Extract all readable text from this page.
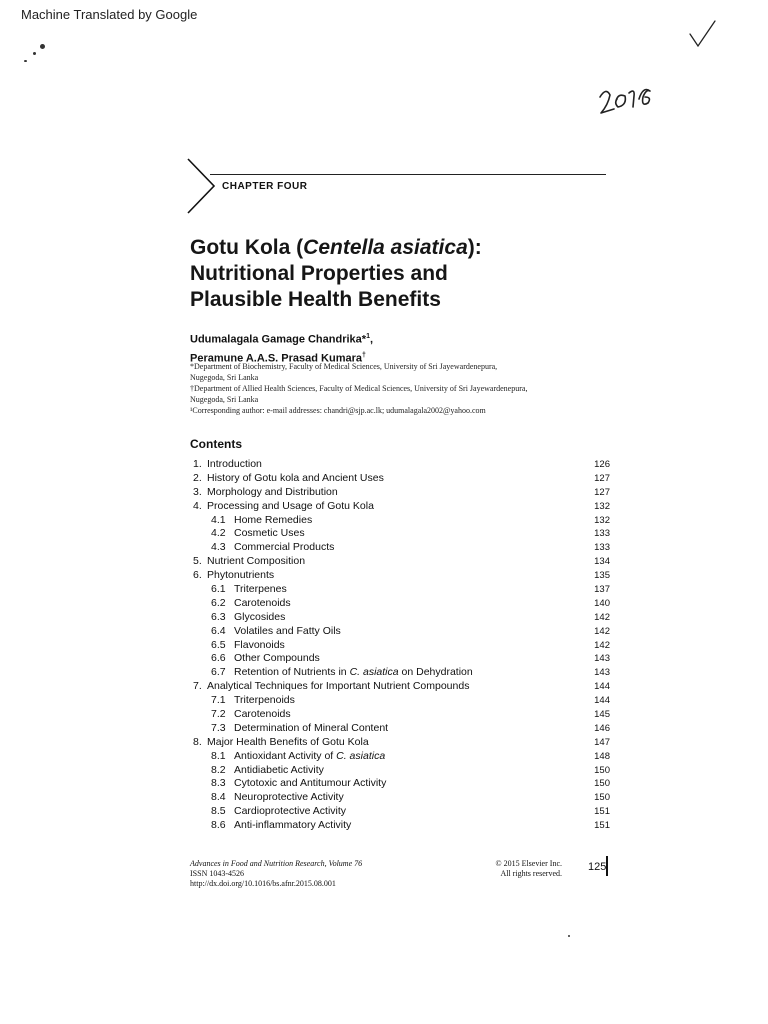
Machine Translated by Google
CHAPTER FOUR
Gotu Kola (Centella asiatica):
Nutritional Properties and
Plausible Health Benefits
Udumalagala Gamage Chandrika*$^1$,
Peramune A.A.S. Prasad Kumara†
*Department of Biochemistry, Faculty of Medical Sciences, University of Sri Jayewardenepura,
Nugegoda, Sri Lanka
†Department of Allied Health Sciences, Faculty of Medical Sciences, University of Sri Jayewardenepura,
Nugegoda, Sri Lanka
¹Corresponding author: e-mail addresses: chandri@sjp.ac.lk; udumalagala2002@yahoo.com
Contents
1. Introduction	126
2. History of Gotu kola and Ancient Uses	127
3. Morphology and Distribution	127
4. Processing and Usage of Gotu Kola	132
4.1 Home Remedies	132
4.2 Cosmetic Uses	133
4.3 Commercial Products	133
5. Nutrient Composition	134
6. Phytonutrients	135
6.1 Triterpenes	137
6.2 Carotenoids	140
6.3 Glycosides	142
6.4 Volatiles and Fatty Oils	142
6.5 Flavonoids	142
6.6 Other Compounds	143
6.7 Retention of Nutrients in C. asiatica on Dehydration	143
7. Analytical Techniques for Important Nutrient Compounds	144
7.1 Triterpenoids	144
7.2 Carotenoids	145
7.3 Determination of Mineral Content	146
8. Major Health Benefits of Gotu Kola	147
8.1 Antioxidant Activity of C. asiatica	148
8.2 Antidiabetic Activity	150
8.3 Cytotoxic and Antitumour Activity	150
8.4 Neuroprotective Activity	150
8.5 Cardioprotective Activity	151
8.6 Anti-inflammatory Activity	151
Advances in Food and Nutrition Research, Volume 76
ISSN 1043-4526
http://dx.doi.org/10.1016/bs.afnr.2015.08.001
© 2015 Elsevier Inc.
All rights reserved.
125
